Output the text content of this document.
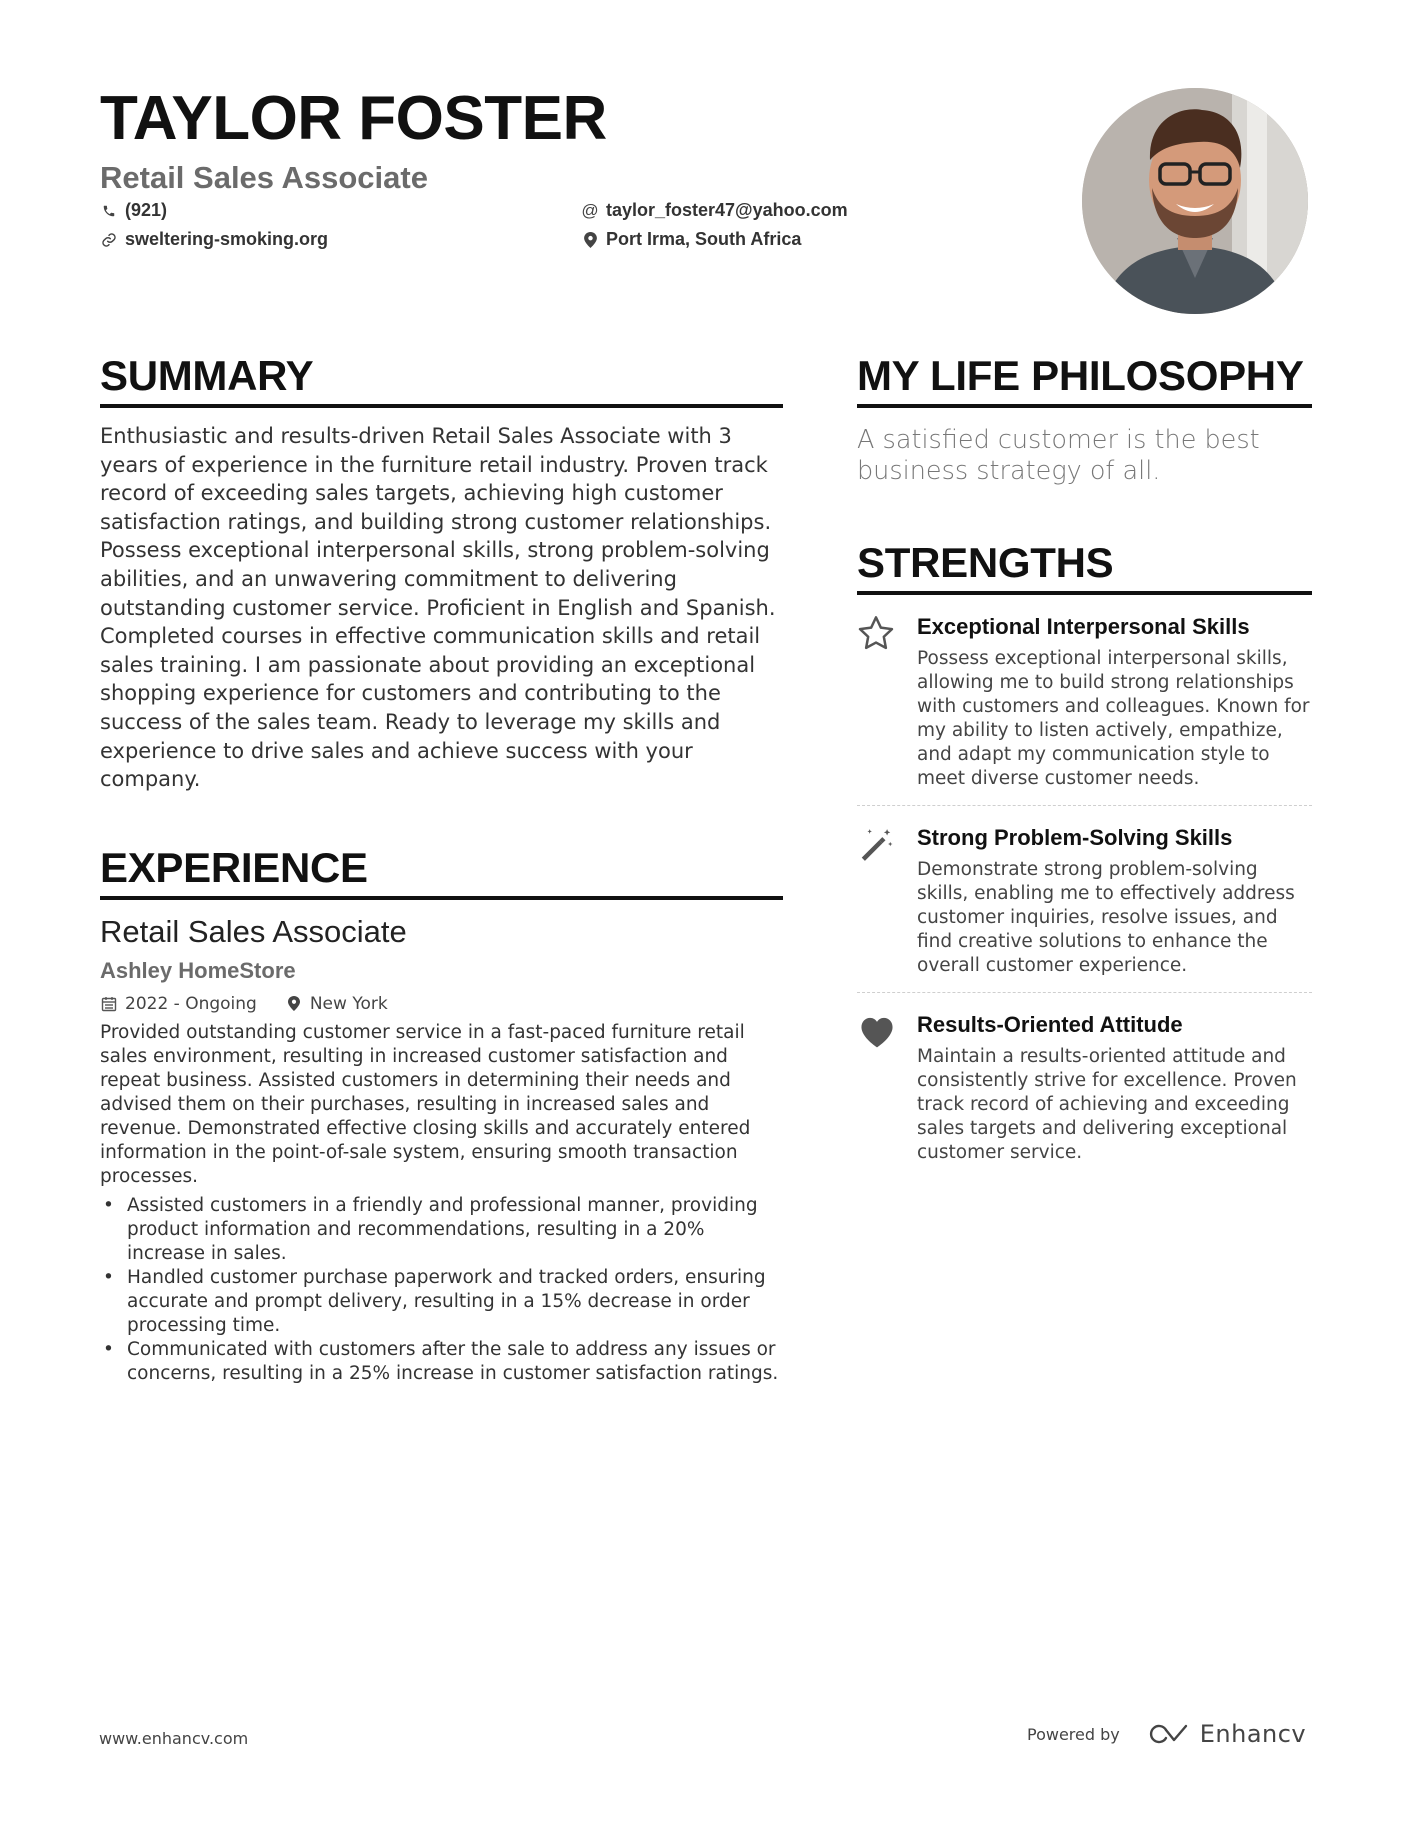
TAYLOR FOSTER
Retail Sales Associate
(921)	@ taylor_foster47@yahoo.com
sweltering-smoking.org	Port Irma, South Africa
SUMMARY
Enthusiastic and results-driven Retail Sales Associate with 3 years of experience in the furniture retail industry. Proven track record of exceeding sales targets, achieving high customer satisfaction ratings, and building strong customer relationships. Possess exceptional interpersonal skills, strong problem-solving abilities, and an unwavering commitment to delivering outstanding customer service. Proficient in English and Spanish. Completed courses in effective communication skills and retail sales training. I am passionate about providing an exceptional shopping experience for customers and contributing to the success of the sales team. Ready to leverage my skills and experience to drive sales and achieve success with your company.
EXPERIENCE
Retail Sales Associate
Ashley HomeStore
2022 - Ongoing	New York
Provided outstanding customer service in a fast-paced furniture retail sales environment, resulting in increased customer satisfaction and repeat business. Assisted customers in determining their needs and advised them on their purchases, resulting in increased sales and revenue. Demonstrated effective closing skills and accurately entered information in the point-of-sale system, ensuring smooth transaction processes.
• Assisted customers in a friendly and professional manner, providing product information and recommendations, resulting in a 20% increase in sales.
• Handled customer purchase paperwork and tracked orders, ensuring accurate and prompt delivery, resulting in a 15% decrease in order processing time.
• Communicated with customers after the sale to address any issues or concerns, resulting in a 25% increase in customer satisfaction ratings.
MY LIFE PHILOSOPHY
A satisfied customer is the best business strategy of all.
STRENGTHS
Exceptional Interpersonal Skills
Possess exceptional interpersonal skills, allowing me to build strong relationships with customers and colleagues. Known for my ability to listen actively, empathize, and adapt my communication style to meet diverse customer needs.
Strong Problem-Solving Skills
Demonstrate strong problem-solving skills, enabling me to effectively address customer inquiries, resolve issues, and find creative solutions to enhance the overall customer experience.
Results-Oriented Attitude
Maintain a results-oriented attitude and consistently strive for excellence. Proven track record of achieving and exceeding sales targets and delivering exceptional customer service.
www.enhancv.com	Powered by	Enhancv
